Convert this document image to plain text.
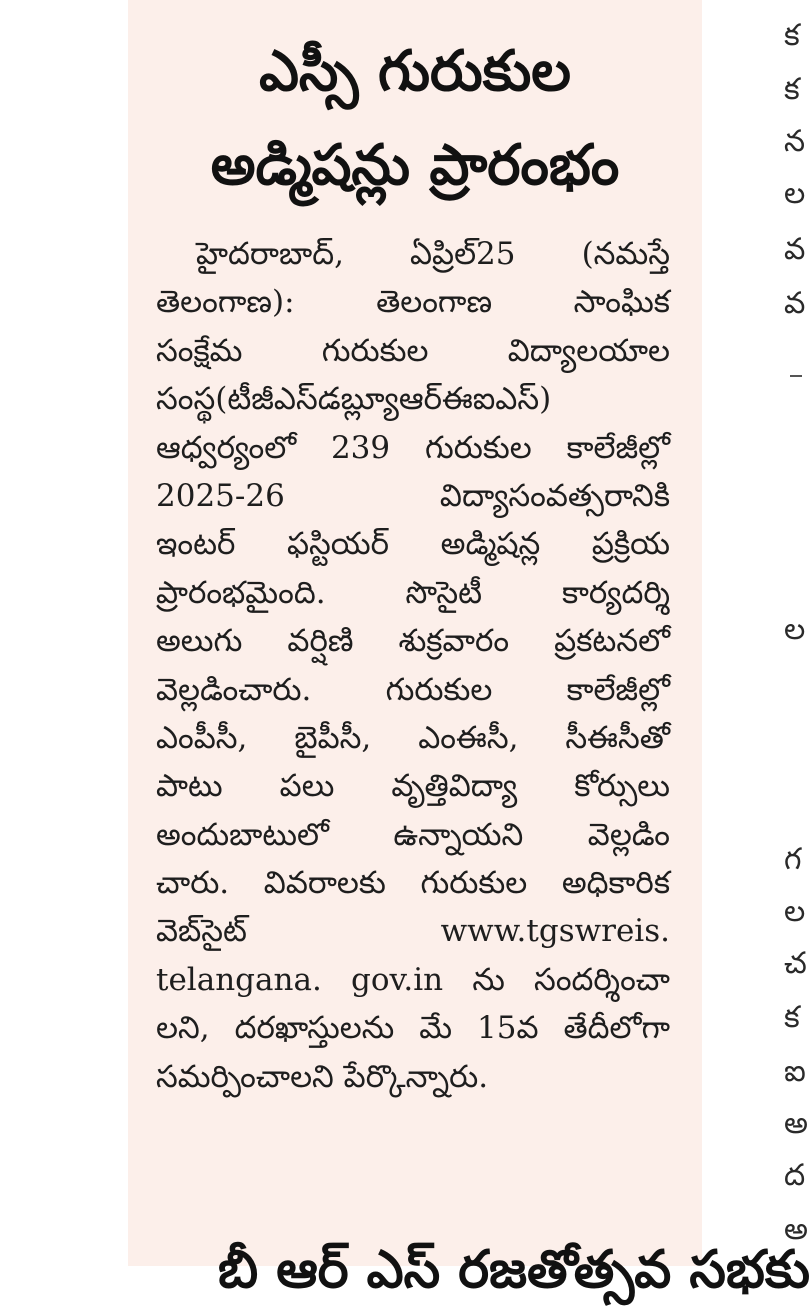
ఎస్సీ గురుకుల
అడ్మిషన్లు ప్రారంభం
హైదరాబాద్, ఏప్రిల్25 (నమస్తే
తెలంగాణ): తెలంగాణ సాంఘిక
సంక్షేమ గురుకుల విద్యాలయాల
సంస్థ(టీజీఎస్‌డబ్ల్యూఆర్‌ఈఐఎస్)
ఆధ్వర్యంలో 239 గురుకుల కాలేజీల్లో
2025-26 విద్యాసంవత్సరానికి
ఇంటర్ ఫస్టియర్ అడ్మిషన్ల ప్రక్రియ
ప్రారంభమైంది. సొసైటీ కార్యదర్శి
అలుగు వర్షిణి శుక్రవారం ప్రకటనలో
వెల్లడించారు. గురుకుల కాలేజీల్లో
ఎంపీసీ, బైపీసీ, ఎంఈసీ, సీఈసీతో
పాటు పలు వృత్తివిద్యా కోర్సులు
అందుబాటులో ఉన్నాయని వెల్లడిం
చారు. వివరాలకు గురుకుల అధికారిక
వెబ్‌సైట్ www.tgswreis.
telangana. gov.in ను సందర్శించా
లని, దరఖాస్తులను మే 15వ తేదీలోగా
సమర్పించాలని పేర్కొన్నారు.
బీ ఆర్ ఎస్ రజతోత్సవ సభకు
క
క
న
ల
వ
వ
ల
గ
ల
చ
క
ఐ
అ
ద
అ
